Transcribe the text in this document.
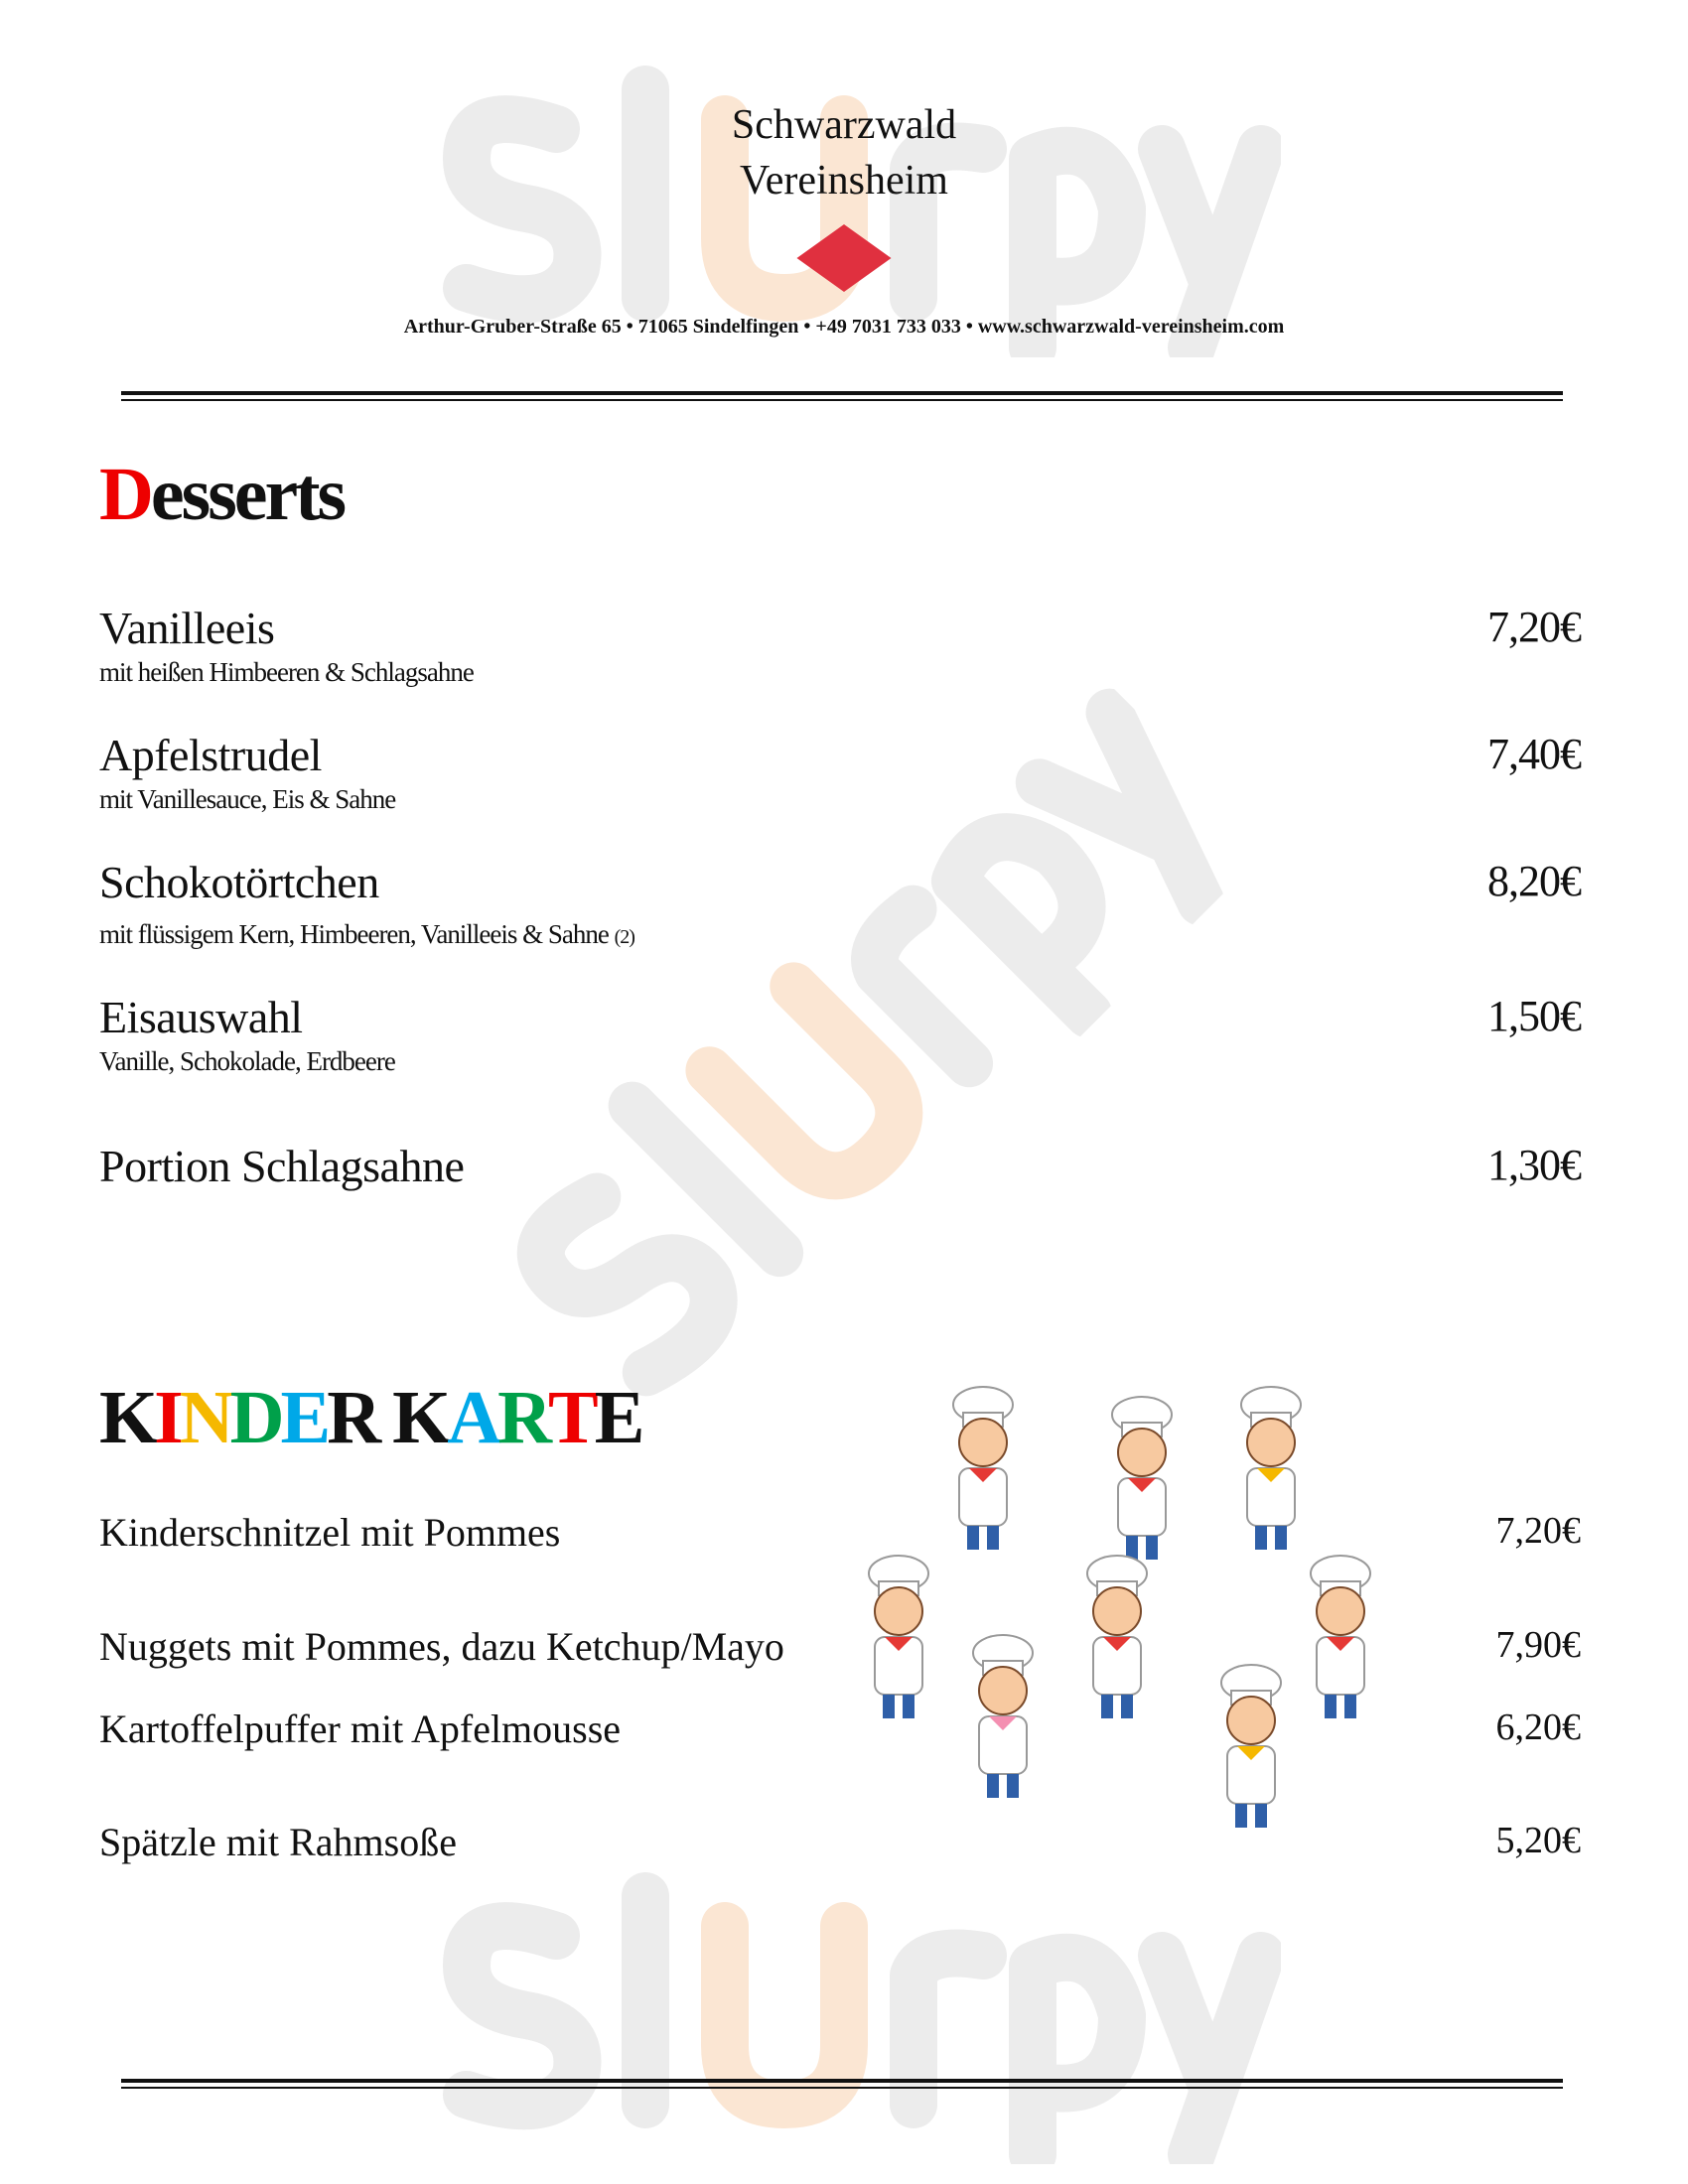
Schwarzwald
Vereinsheim
Arthur-Gruber-Straße 65 • 71065 Sindelfingen • +49 7031 733 033 • www.schwarzwald-vereinsheim.com
Desserts
Vanilleeis
mit heißen Himbeeren & Schlagsahne
7,20€
Apfelstrudel
mit Vanillesauce, Eis & Sahne
7,40€
Schokotörtchen
mit flüssigem Kern, Himbeeren, Vanilleeis & Sahne (2)
8,20€
Eisauswahl
Vanille, Schokolade, Erdbeere
1,50€
Portion Schlagsahne	1,30€
KINDER KARTE
Kinderschnitzel mit Pommes	7,20€
Nuggets mit Pommes, dazu Ketchup/Mayo	7,90€
Kartoffelpuffer mit Apfelmousse	6,20€
Spätzle mit Rahmsoße	5,20€
